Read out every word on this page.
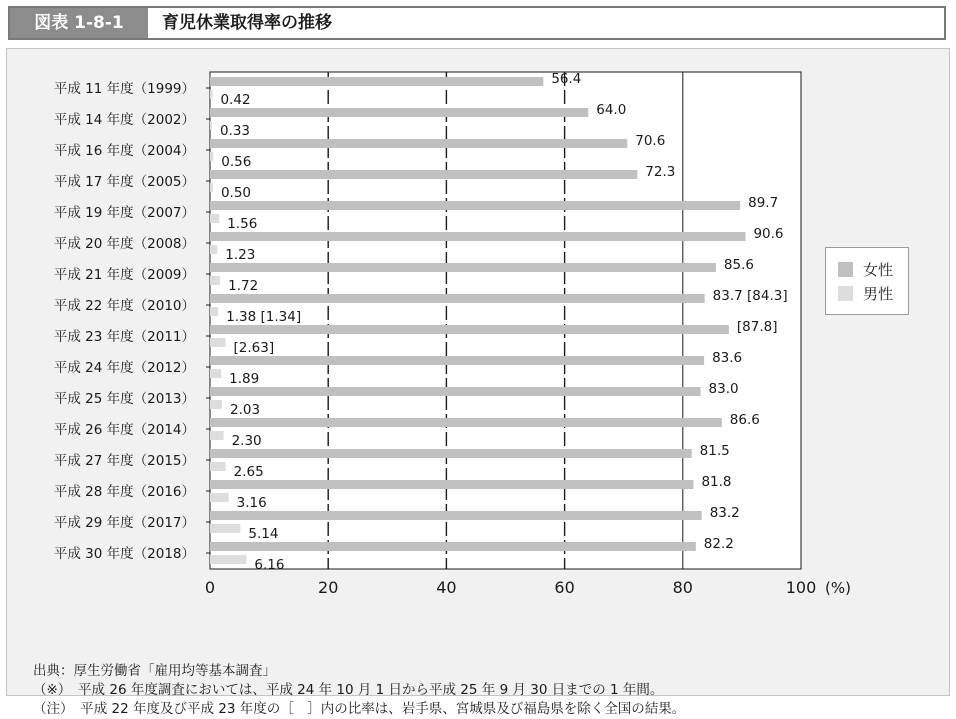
図表 1-8-1	育児休業取得率の推移
0	20	40	60	80	100 (%)
平成 11 年度（1999）
56.4
0.42
平成 14 年度（2002）
64.0
0.33
平成 16 年度（2004）
70.6
0.56
平成 17 年度（2005）
72.3
0.50
平成 19 年度（2007）
89.7
1.56
平成 20 年度（2008）
90.6
1.23
平成 21 年度（2009）
85.6
1.72
平成 22 年度（2010）
83.7 [84.3]
1.38 [1.34]
平成 23 年度（2011）
[87.8]
[2.63]
平成 24 年度（2012）
83.6
1.89
平成 25 年度（2013）
83.0
2.03
平成 26 年度（2014）
86.6
2.30
平成 27 年度（2015）
81.5
2.65
平成 28 年度（2016）
81.8
3.16
平成 29 年度（2017）
83.2
5.14
平成 30 年度（2018）
82.2
6.16
女性
男性
出典：厚生労働省「雇用均等基本調査」
（※）　平成 26 年度調査においては、平成 24 年 10 月 1 日から平成 25 年 9 月 30 日までの 1 年間。
（注）　平成 22 年度及び平成 23 年度の［　］内の比率は、岩手県、宮城県及び福島県を除く全国の結果。
